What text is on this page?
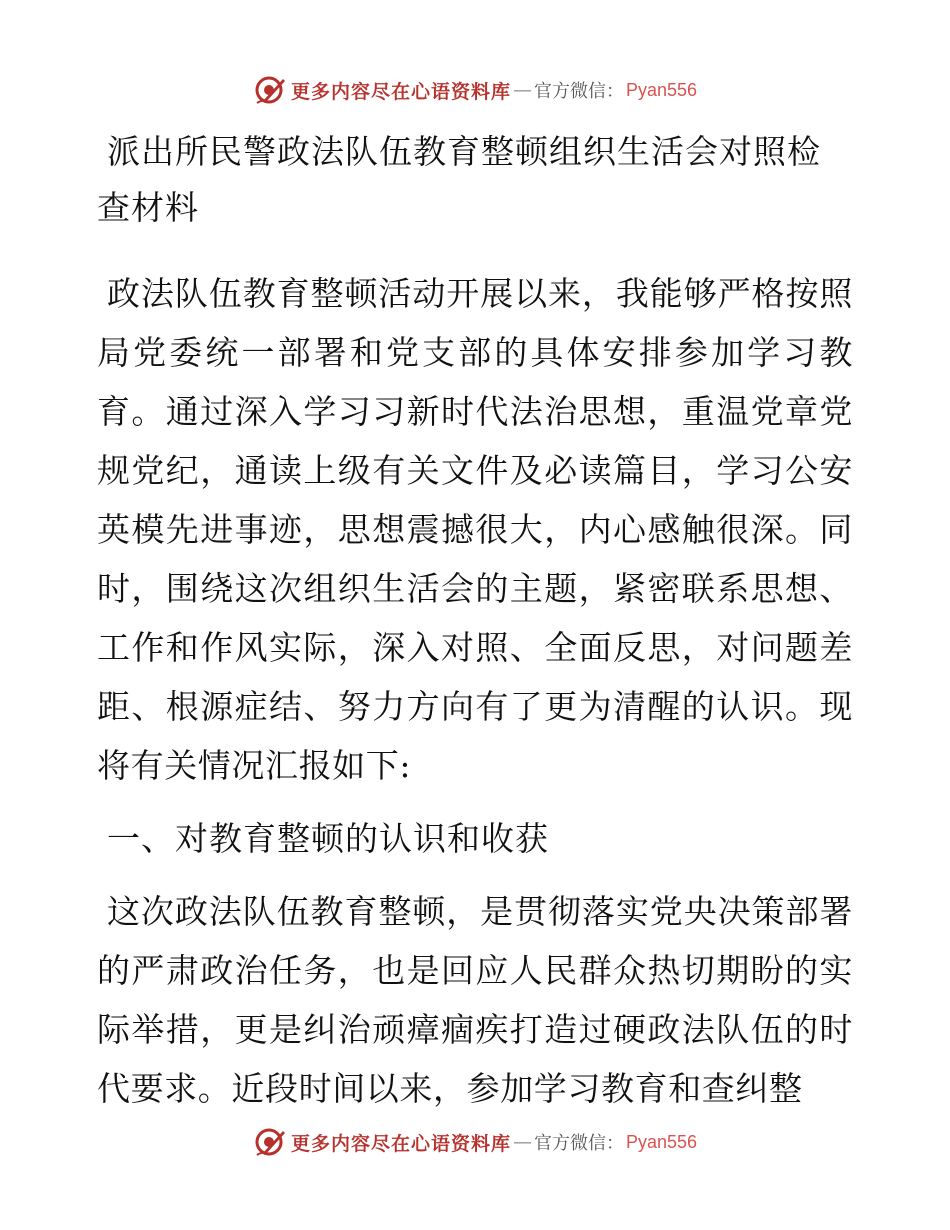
更多内容尽在心语资料库 — 官方微信： Pyan556
派出所民警政法队伍教育整顿组织生活会对照检查材料

政法队伍教育整顿活动开展以来，我能够严格按照局党委统一部署和党支部的具体安排参加学习教育。通过深入学习习新时代法治思想，重温党章党规党纪，通读上级有关文件及必读篇目，学习公安英模先进事迹，思想震撼很大，内心感触很深。同时，围绕这次组织生活会的主题，紧密联系思想、工作和作风实际，深入对照、全面反思，对问题差距、根源症结、努力方向有了更为清醒的认识。现将有关情况汇报如下:

一、对教育整顿的认识和收获

这次政法队伍教育整顿，是贯彻落实党央决策部署的严肃政治任务，也是回应人民群众热切期盼的实际举措，更是纠治顽瘴痼疾打造过硬政法队伍的时代要求。近段时间以来，参加学习教育和查纠整

更多内容尽在心语资料库 — 官方微信： Pyan556
